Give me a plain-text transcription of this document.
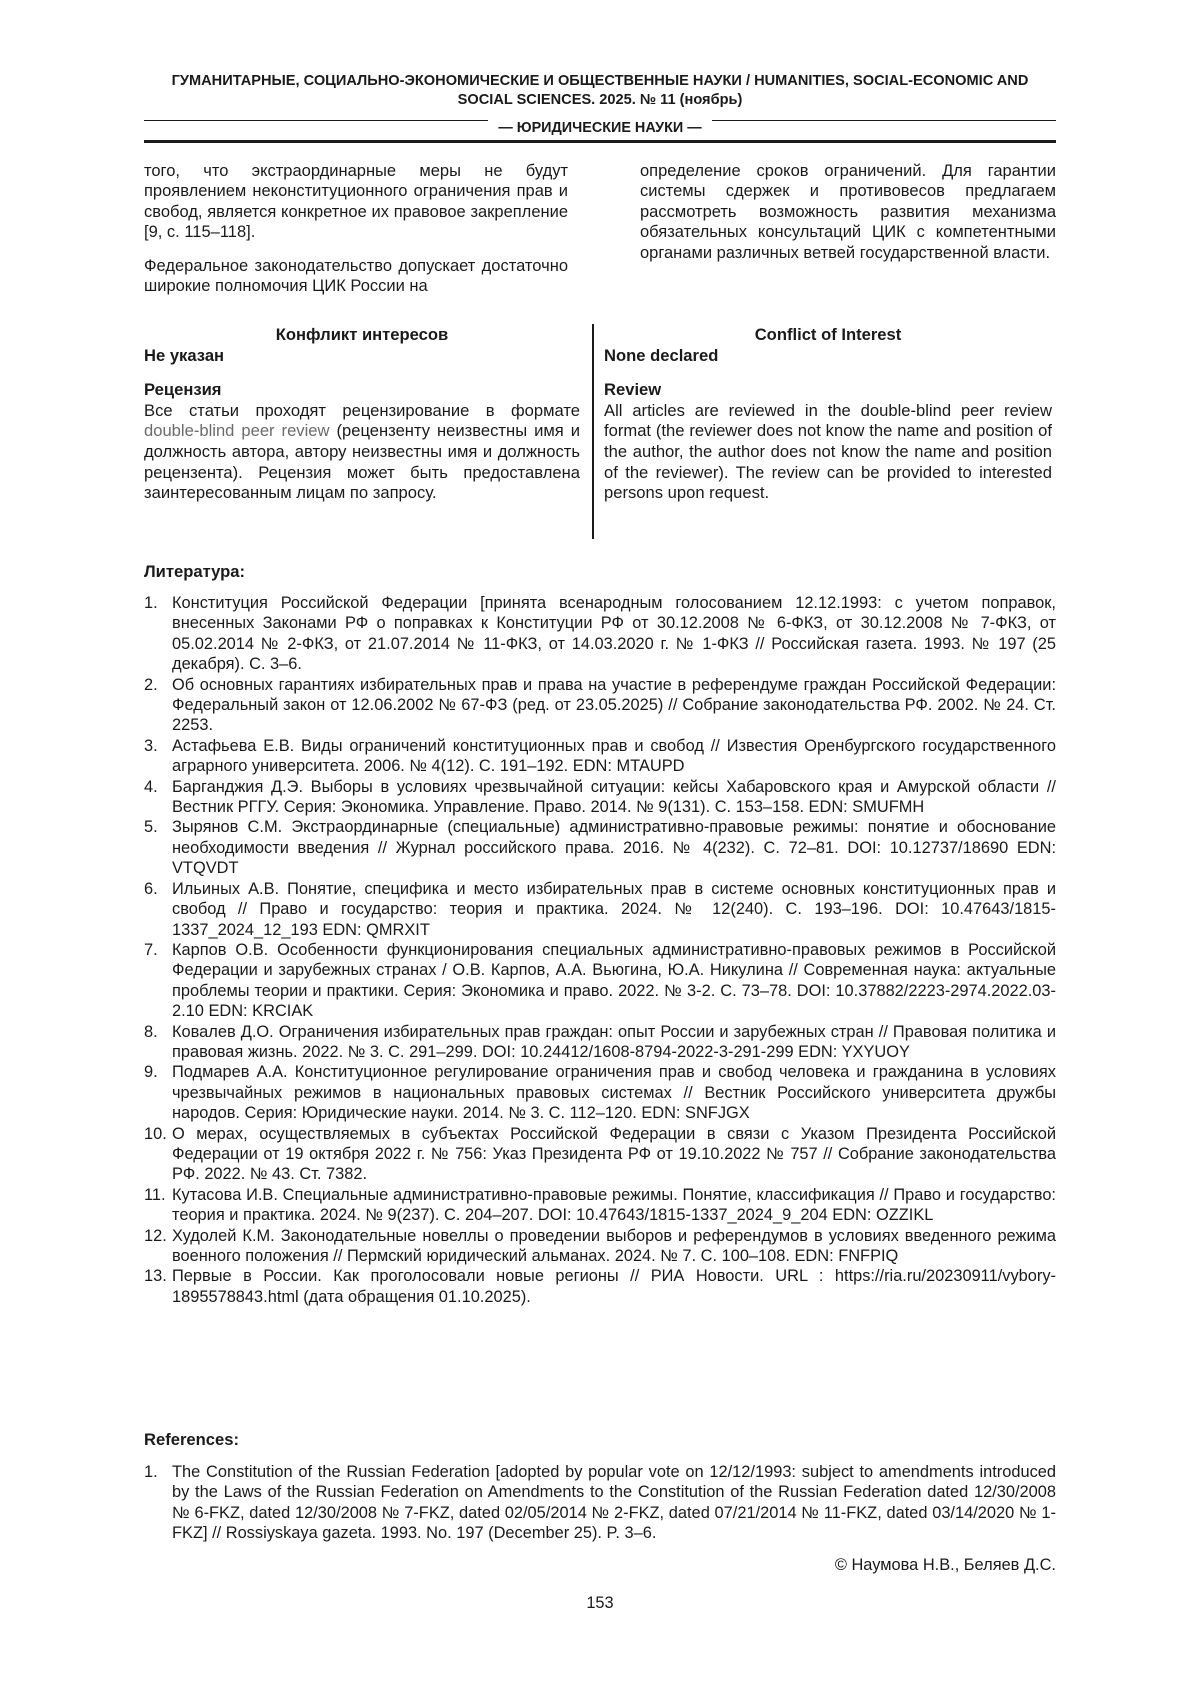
ГУМАНИТАРНЫЕ, СОЦИАЛЬНО-ЭКОНОМИЧЕСКИЕ И ОБЩЕСТВЕННЫЕ НАУКИ / HUMANITIES, SOCIAL-ECONOMIC AND SOCIAL SCIENCES. 2025. № 11 (ноябрь)
— ЮРИДИЧЕСКИЕ НАУКИ —

того, что экстраординарные меры не будут проявлением неконституционного ограничения прав и свобод, является конкретное их правовое закрепление [9, с. 115–118].

Федеральное законодательство допускает достаточно широкие полномочия ЦИК России на

определение сроков ограничений. Для гарантии системы сдержек и противовесов предлагаем рассмотреть возможность развития механизма обязательных консультаций ЦИК с компетентными органами различных ветвей государственной власти.

Конфликт интересов
Не указан
Рецензия
Все статьи проходят рецензирование в формате double-blind peer review (рецензенту неизвестны имя и должность автора, автору неизвестны имя и должность рецензента). Рецензия может быть предоставлена заинтересованным лицам по запросу.
Conflict of Interest
None declared
Review
All articles are reviewed in the double-blind peer review format (the reviewer does not know the name and position of the author, the author does not know the name and position of the reviewer). The review can be provided to interested persons upon request.
Литература:
1. Конституция Российской Федерации [принята всенародным голосованием 12.12.1993: с учетом поправок, внесенных Законами РФ о поправках к Конституции РФ от 30.12.2008 № 6-ФКЗ, от 30.12.2008 № 7-ФКЗ, от 05.02.2014 № 2-ФКЗ, от 21.07.2014 № 11-ФКЗ, от 14.03.2020 г. № 1-ФКЗ // Российская газета. 1993. № 197 (25 декабря). С. 3–6.
2. Об основных гарантиях избирательных прав и права на участие в референдуме граждан Российской Федерации: Федеральный закон от 12.06.2002 № 67-ФЗ (ред. от 23.05.2025) // Собрание законодательства РФ. 2002. № 24. Ст. 2253.
3. Астафьева Е.В. Виды ограничений конституционных прав и свобод // Известия Оренбургского государственного аграрного университета. 2006. № 4(12). С. 191–192. EDN: MTAUPD
4. Барганджия Д.Э. Выборы в условиях чрезвычайной ситуации: кейсы Хабаровского края и Амурской области // Вестник РГГУ. Серия: Экономика. Управление. Право. 2014. № 9(131). С. 153–158. EDN: SMUFMH
5. Зырянов С.М. Экстраординарные (специальные) административно-правовые режимы: понятие и обоснование необходимости введения // Журнал российского права. 2016. № 4(232). С. 72–81. DOI: 10.12737/18690 EDN: VTQVDT
6. Ильиных А.В. Понятие, специфика и место избирательных прав в системе основных конституционных прав и свобод // Право и государство: теория и практика. 2024. № 12(240). С. 193–196. DOI: 10.47643/1815-1337_2024_12_193 EDN: QMRXIT
7. Карпов О.В. Особенности функционирования специальных административно-правовых режимов в Российской Федерации и зарубежных странах / О.В. Карпов, А.А. Вьюгина, Ю.А. Никулина // Современная наука: актуальные проблемы теории и практики. Серия: Экономика и право. 2022. № 3-2. С. 73–78. DOI: 10.37882/2223-2974.2022.03-2.10 EDN: KRCIAK
8. Ковалев Д.О. Ограничения избирательных прав граждан: опыт России и зарубежных стран // Правовая политика и правовая жизнь. 2022. № 3. С. 291–299. DOI: 10.24412/1608-8794-2022-3-291-299 EDN: YXYUOY
9. Подмарев А.А. Конституционное регулирование ограничения прав и свобод человека и гражданина в условиях чрезвычайных режимов в национальных правовых системах // Вестник Российского университета дружбы народов. Серия: Юридические науки. 2014. № 3. С. 112–120. EDN: SNFJGX
10. О мерах, осуществляемых в субъектах Российской Федерации в связи с Указом Президента Российской Федерации от 19 октября 2022 г. № 756: Указ Президента РФ от 19.10.2022 № 757 // Собрание законодательства РФ. 2022. № 43. Ст. 7382.
11. Кутасова И.В. Специальные административно-правовые режимы. Понятие, классификация // Право и государство: теория и практика. 2024. № 9(237). С. 204–207. DOI: 10.47643/1815-1337_2024_9_204 EDN: OZZIKL
12. Худолей К.М. Законодательные новеллы о проведении выборов и референдумов в условиях введенного режима военного положения // Пермский юридический альманах. 2024. № 7. С. 100–108. EDN: FNFPIQ
13. Первые в России. Как проголосовали новые регионы // РИА Новости. URL : https://ria.ru/20230911/vybory-1895578843.html (дата обращения 01.10.2025).
References:
1. The Constitution of the Russian Federation [adopted by popular vote on 12/12/1993: subject to amendments introduced by the Laws of the Russian Federation on Amendments to the Constitution of the Russian Federation dated 12/30/2008 № 6-FKZ, dated 12/30/2008 № 7-FKZ, dated 02/05/2014 № 2-FKZ, dated 07/21/2014 № 11-FKZ, dated 03/14/2020 № 1-FKZ] // Rossiyskaya gazeta. 1993. No. 197 (December 25). P. 3–6.
© Наумова Н.В., Беляев Д.С.
153
